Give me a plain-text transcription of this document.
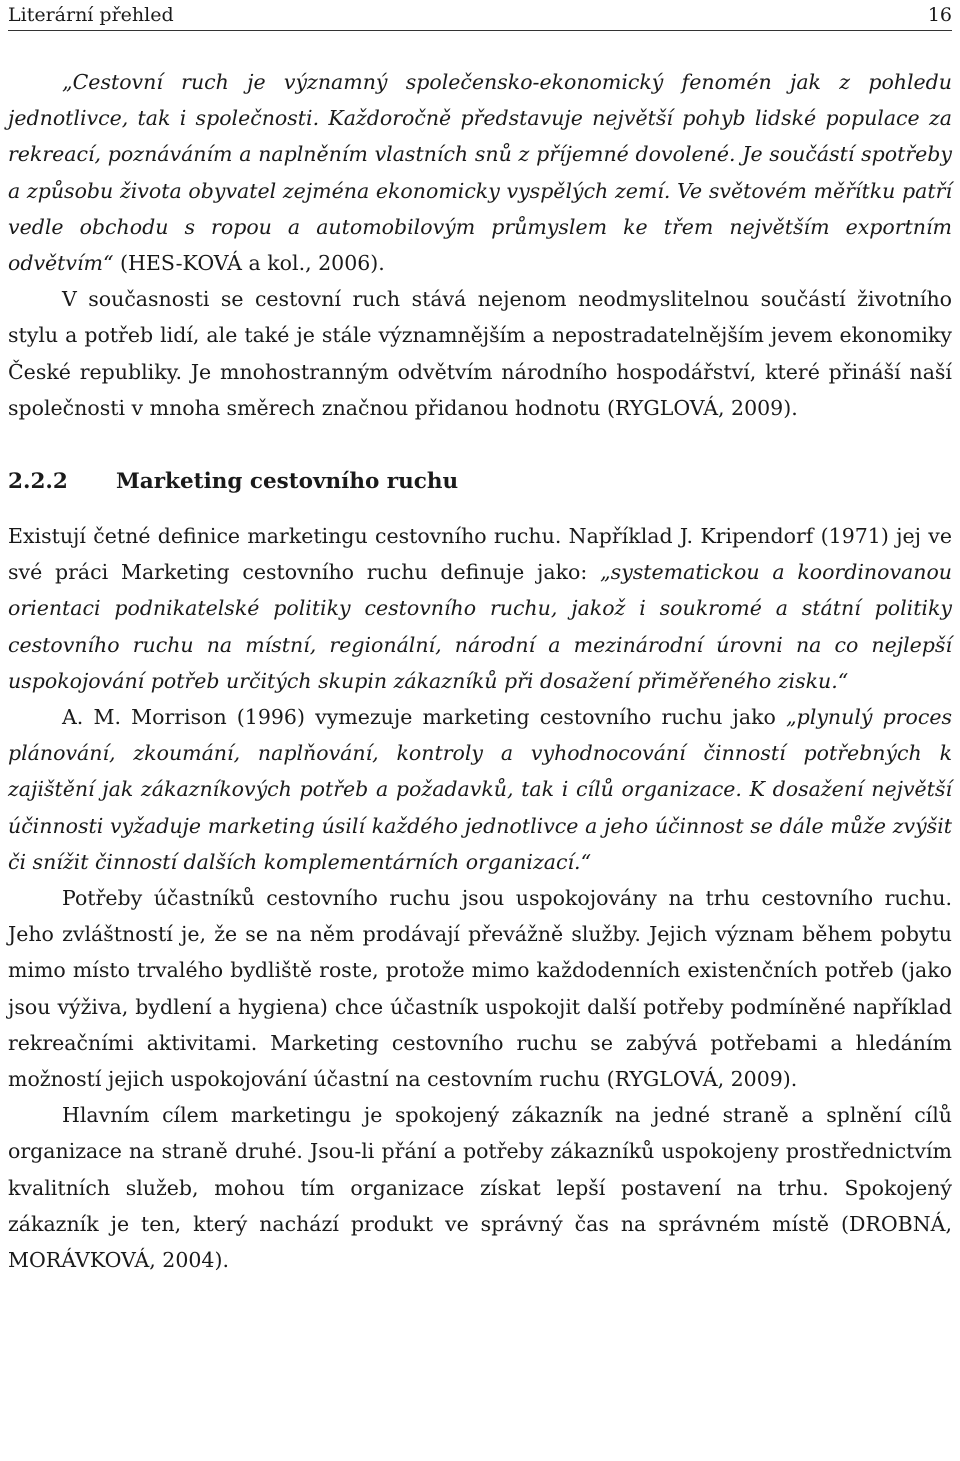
Literární přehled	16

„Cestovní ruch je významný společensko-ekonomický fenomén jak z pohledu jednotlivce, tak i společnosti. Každoročně představuje největší pohyb lidské populace za rekreací, poznáváním a naplněním vlastních snů z příjemné dovolené. Je součástí spotřeby a způsobu života obyvatel zejména ekonomicky vyspělých zemí. Ve světovém měřítku patří vedle obchodu s ropou a automobilovým průmyslem ke třem největším exportním odvětvím“ (HES-KOVÁ a kol., 2006).

V současnosti se cestovní ruch stává nejenom neodmyslitelnou součástí životního stylu a potřeb lidí, ale také je stále významnějším a nepostradatelnějším jevem ekonomiky České republiky. Je mnohostranným odvětvím národního hospodářství, které přináší naší společnosti v mnoha směrech značnou přidanou hodnotu (RYGLOVÁ, 2009).

2.2.2	Marketing cestovního ruchu

Existují četné definice marketingu cestovního ruchu. Například J. Kripendorf (1971) jej ve své práci Marketing cestovního ruchu definuje jako: „systematickou a koordinovanou orientaci podnikatelské politiky cestovního ruchu, jakož i soukromé a státní politiky cestovního ruchu na místní, regionální, národní a mezinárodní úrovni na co nejlepší uspokojování potřeb určitých skupin zákazníků při dosažení přiměřeného zisku.“

A. M. Morrison (1996) vymezuje marketing cestovního ruchu jako „plynulý proces plánování, zkoumání, naplňování, kontroly a vyhodnocování činností potřebných k zajištění jak zákazníkových potřeb a požadavků, tak i cílů organizace. K dosažení největší účinnosti vyžaduje marketing úsilí každého jednotlivce a jeho účinnost se dále může zvýšit či snížit činností dalších komplementárních organizací.“

Potřeby účastníků cestovního ruchu jsou uspokojovány na trhu cestovního ruchu. Jeho zvláštností je, že se na něm prodávají převážně služby. Jejich význam během pobytu mimo místo trvalého bydliště roste, protože mimo každodenních existenčních potřeb (jako jsou výživa, bydlení a hygiena) chce účastník uspokojit další potřeby podmíněné například rekreačními aktivitami. Marketing cestovního ruchu se zabývá potřebami a hledáním možností jejich uspokojování účastní na cestovním ruchu (RYGLOVÁ, 2009).

Hlavním cílem marketingu je spokojený zákazník na jedné straně a splnění cílů organizace na straně druhé. Jsou-li přání a potřeby zákazníků uspokojeny prostřednictvím kvalitních služeb, mohou tím organizace získat lepší postavení na trhu. Spokojený zákazník je ten, který nachází produkt ve správný čas na správném místě (DROBNÁ, MORÁVKOVÁ, 2004).
